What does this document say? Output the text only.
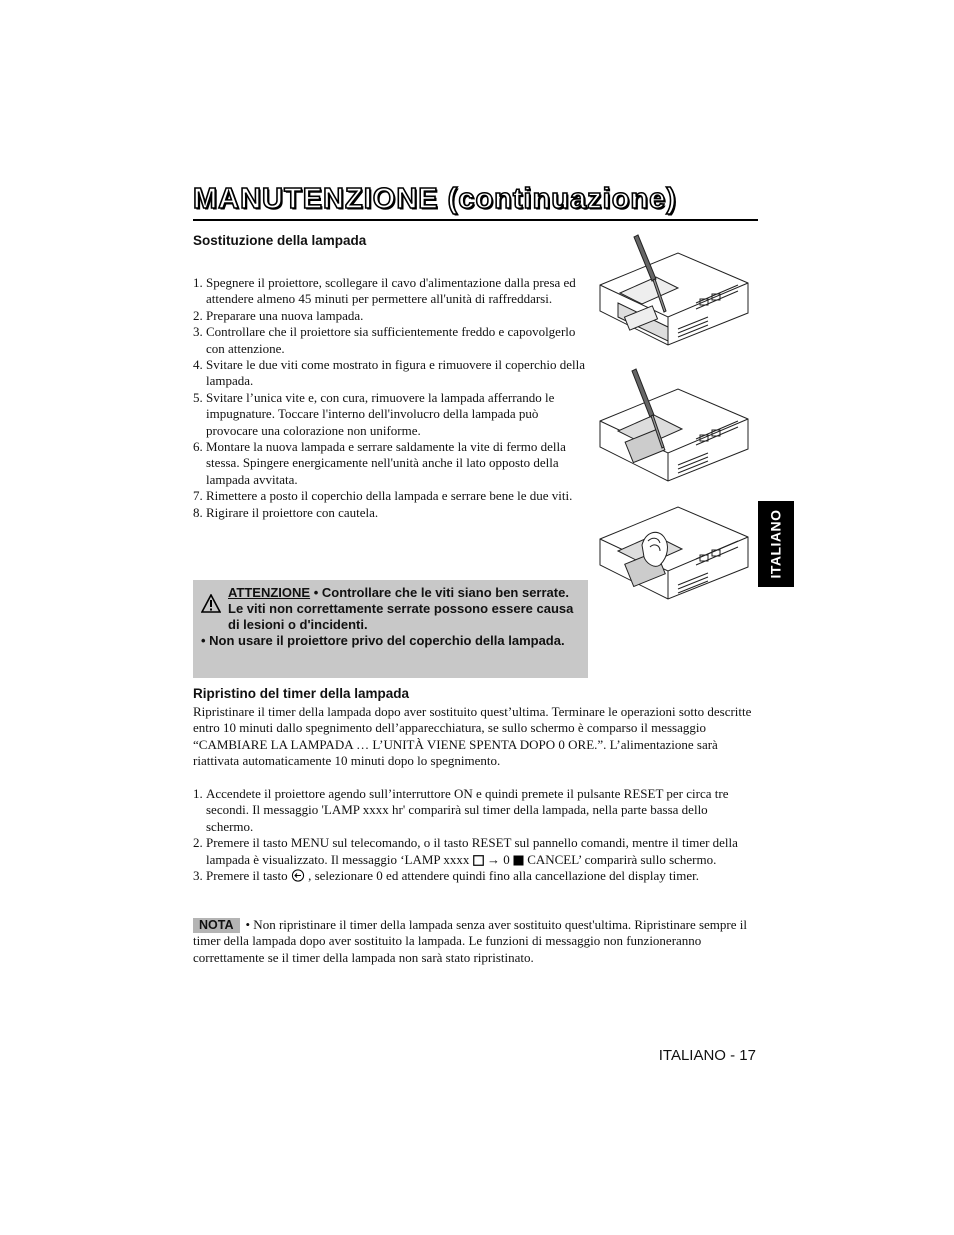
MANUTENZIONE (continuazione)
Sostituzione della lampada
1. Spegnere il proiettore, scollegare il cavo d'alimentazione dalla presa ed attendere almeno 45 minuti per permettere all'unità di raffreddarsi.
2. Preparare una nuova lampada.
3. Controllare che il proiettore sia sufficientemente freddo e capovolgerlo con attenzione.
4. Svitare le due viti come mostrato in figura e rimuovere il coperchio della lampada.
5. Svitare l’unica vite e, con cura, rimuovere la lampada afferrando le impugnature. Toccare l'interno dell'involucro della lampada può provocare una colorazione non uniforme.
6. Montare la nuova lampada e serrare saldamente la vite di fermo della stessa. Spingere energicamente nell'unità anche il lato opposto della lampada avvitata.
7. Rimettere a posto il coperchio della lampada e serrare bene le due viti.
8. Rigirare il proiettore con cautela.
ATTENZIONE • Controllare che le viti siano ben serrate. Le viti non correttamente serrate possono essere causa di lesioni o d'incidenti.
• Non usare il proiettore privo del coperchio della lampada.
Ripristino del timer della lampada

Ripristinare il timer della lampada dopo aver sostituito quest’ultima. Terminare le operazioni sotto descritte entro 10 minuti dallo spegnimento dell’apparecchiatura, se sullo schermo è comparso il messaggio “CAMBIARE LA LAMPADA … L’UNITÀ VIENE SPENTA DOPO 0 ORE.”. L’alimentazione sarà riattivata automaticamente 10 minuti dopo lo spegnimento.

1. Accendete il proiettore agendo sull’interruttore ON e quindi premete il pulsante RESET per circa tre secondi. Il messaggio 'LAMP xxxx hr' comparirà sul timer della lampada, nella parte bassa dello schermo.
2. Premere il tasto MENU sul telecomando, o il tasto RESET sul pannello comandi, mentre il timer della lampada è visualizzato. Il messaggio ‘LAMP xxxx  → 0  CANCEL’ comparirà sullo schermo.
3. Premere il tasto  , selezionare 0 ed attendere quindi fino alla cancellazione del display timer.

NOTA • Non ripristinare il timer della lampada senza aver sostituito quest'ultima. Ripristinare sempre il timer della lampada dopo aver sostituito la lampada. Le funzioni di messaggio non funzioneranno correttamente se il timer della lampada non sarà stato ripristinato.

ITALIANO
ITALIANO - 17
